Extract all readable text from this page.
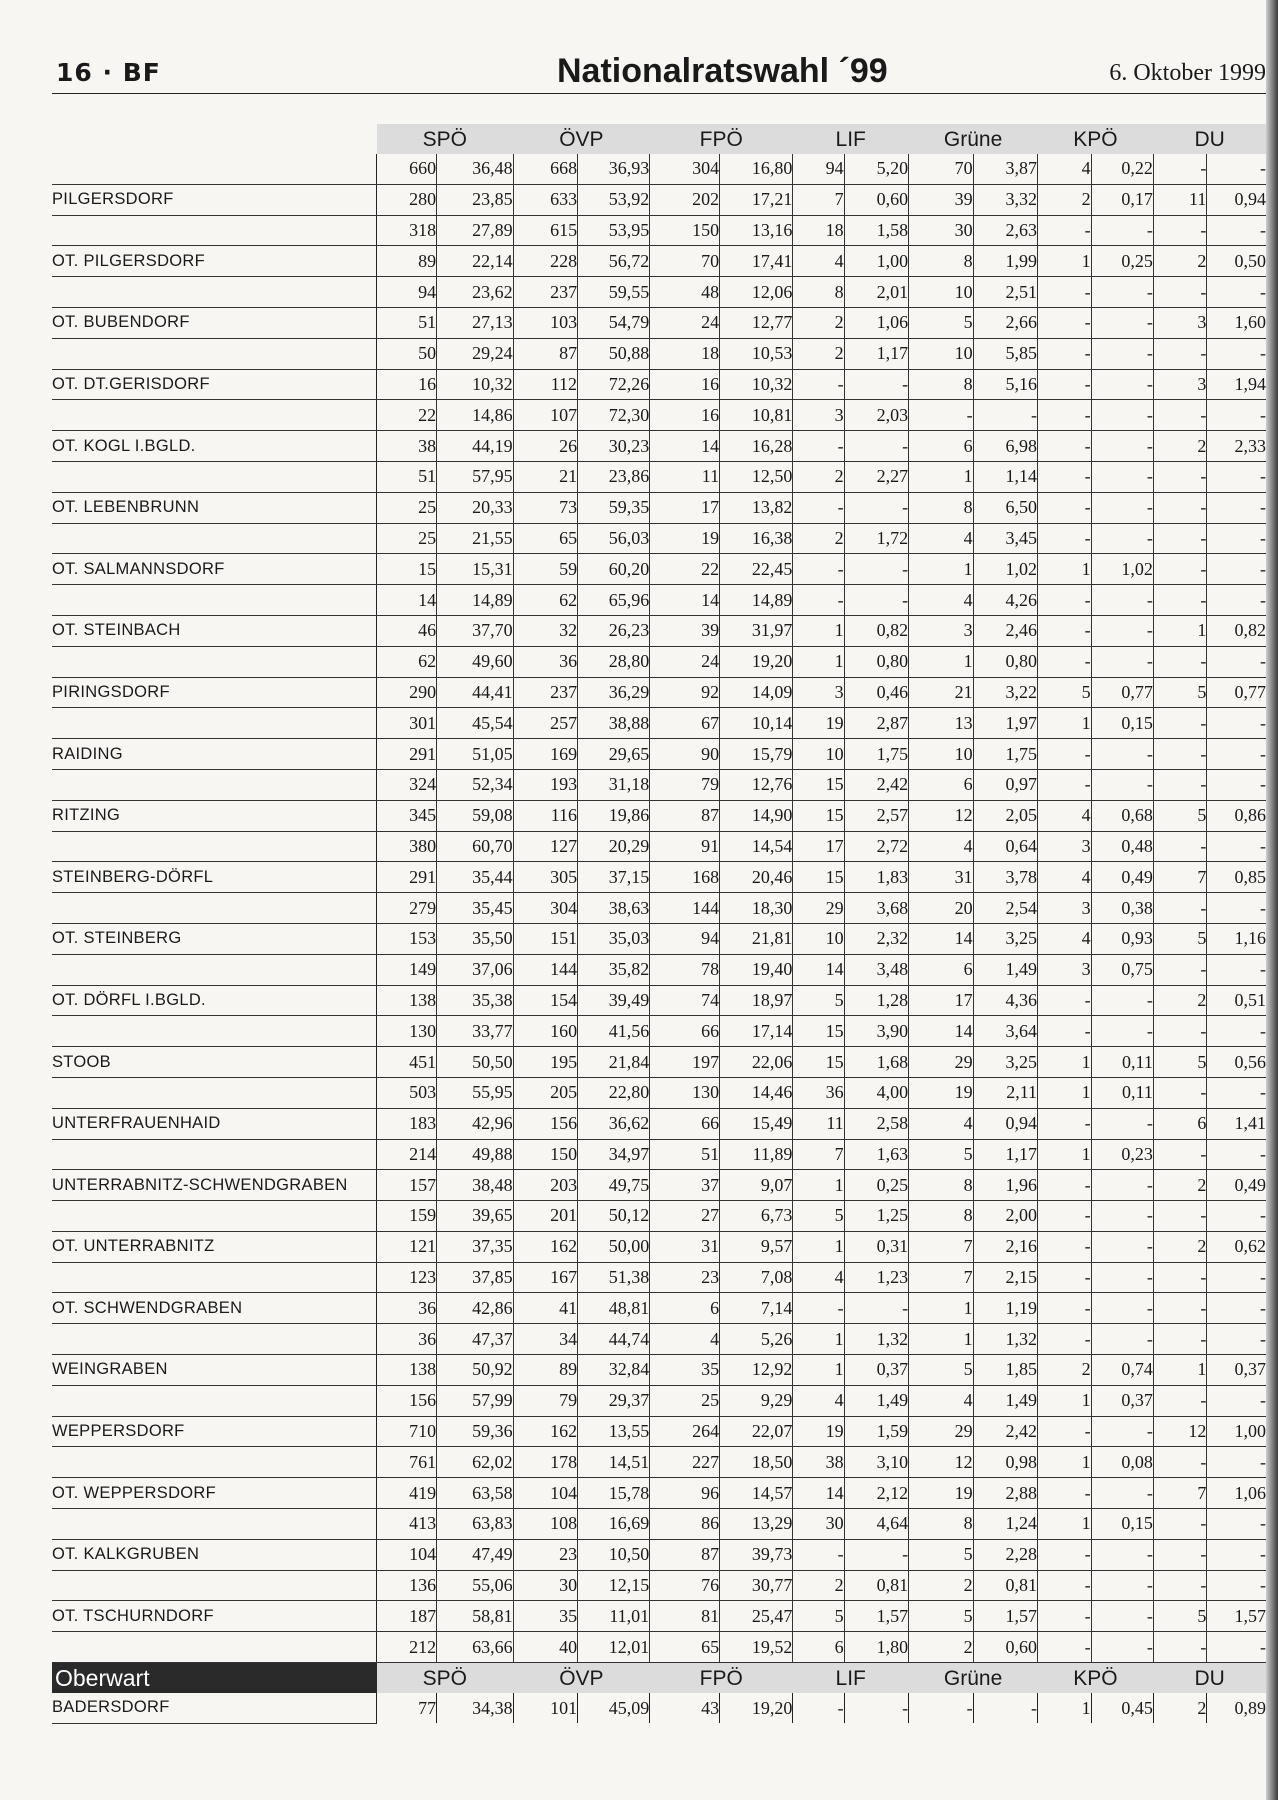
16 · BF	Nationalratswahl ´99	6. Oktober 1999
	SPÖ		ÖVP		FPÖ		LIF		Grüne		KPÖ		DU	
	660	36,48	668	36,93	304	16,80	94	5,20	70	3,87	4	0,22	-	-
PILGERSDORF	280	23,85	633	53,92	202	17,21	7	0,60	39	3,32	2	0,17	11	0,94
	318	27,89	615	53,95	150	13,16	18	1,58	30	2,63	-	-	-	-
OT. PILGERSDORF	89	22,14	228	56,72	70	17,41	4	1,00	8	1,99	1	0,25	2	0,50
	94	23,62	237	59,55	48	12,06	8	2,01	10	2,51	-	-	-	-
OT. BUBENDORF	51	27,13	103	54,79	24	12,77	2	1,06	5	2,66	-	-	3	1,60
	50	29,24	87	50,88	18	10,53	2	1,17	10	5,85	-	-	-	-
OT. DT.GERISDORF	16	10,32	112	72,26	16	10,32	-	-	8	5,16	-	-	3	1,94
	22	14,86	107	72,30	16	10,81	3	2,03	-	-	-	-	-	-
OT. KOGL I.BGLD.	38	44,19	26	30,23	14	16,28	-	-	6	6,98	-	-	2	2,33
	51	57,95	21	23,86	11	12,50	2	2,27	1	1,14	-	-	-	-
OT. LEBENBRUNN	25	20,33	73	59,35	17	13,82	-	-	8	6,50	-	-	-	-
	25	21,55	65	56,03	19	16,38	2	1,72	4	3,45	-	-	-	-
OT. SALMANNSDORF	15	15,31	59	60,20	22	22,45	-	-	1	1,02	1	1,02	-	-
	14	14,89	62	65,96	14	14,89	-	-	4	4,26	-	-	-	-
OT. STEINBACH	46	37,70	32	26,23	39	31,97	1	0,82	3	2,46	-	-	1	0,82
	62	49,60	36	28,80	24	19,20	1	0,80	1	0,80	-	-	-	-
PIRINGSDORF	290	44,41	237	36,29	92	14,09	3	0,46	21	3,22	5	0,77	5	0,77
	301	45,54	257	38,88	67	10,14	19	2,87	13	1,97	1	0,15	-	-
RAIDING	291	51,05	169	29,65	90	15,79	10	1,75	10	1,75	-	-	-	-
	324	52,34	193	31,18	79	12,76	15	2,42	6	0,97	-	-	-	-
RITZING	345	59,08	116	19,86	87	14,90	15	2,57	12	2,05	4	0,68	5	0,86
	380	60,70	127	20,29	91	14,54	17	2,72	4	0,64	3	0,48	-	-
STEINBERG-DÖRFL	291	35,44	305	37,15	168	20,46	15	1,83	31	3,78	4	0,49	7	0,85
	279	35,45	304	38,63	144	18,30	29	3,68	20	2,54	3	0,38	-	-
OT. STEINBERG	153	35,50	151	35,03	94	21,81	10	2,32	14	3,25	4	0,93	5	1,16
	149	37,06	144	35,82	78	19,40	14	3,48	6	1,49	3	0,75	-	-
OT. DÖRFL I.BGLD.	138	35,38	154	39,49	74	18,97	5	1,28	17	4,36	-	-	2	0,51
	130	33,77	160	41,56	66	17,14	15	3,90	14	3,64	-	-	-	-
STOOB	451	50,50	195	21,84	197	22,06	15	1,68	29	3,25	1	0,11	5	0,56
	503	55,95	205	22,80	130	14,46	36	4,00	19	2,11	1	0,11	-	-
UNTERFRAUENHAID	183	42,96	156	36,62	66	15,49	11	2,58	4	0,94	-	-	6	1,41
	214	49,88	150	34,97	51	11,89	7	1,63	5	1,17	1	0,23	-	-
UNTERRABNITZ-SCHWENDGRABEN	157	38,48	203	49,75	37	9,07	1	0,25	8	1,96	-	-	2	0,49
	159	39,65	201	50,12	27	6,73	5	1,25	8	2,00	-	-	-	-
OT. UNTERRABNITZ	121	37,35	162	50,00	31	9,57	1	0,31	7	2,16	-	-	2	0,62
	123	37,85	167	51,38	23	7,08	4	1,23	7	2,15	-	-	-	-
OT. SCHWENDGRABEN	36	42,86	41	48,81	6	7,14	-	-	1	1,19	-	-	-	-
	36	47,37	34	44,74	4	5,26	1	1,32	1	1,32	-	-	-	-
WEINGRABEN	138	50,92	89	32,84	35	12,92	1	0,37	5	1,85	2	0,74	1	0,37
	156	57,99	79	29,37	25	9,29	4	1,49	4	1,49	1	0,37	-	-
WEPPERSDORF	710	59,36	162	13,55	264	22,07	19	1,59	29	2,42	-	-	12	1,00
	761	62,02	178	14,51	227	18,50	38	3,10	12	0,98	1	0,08	-	-
OT. WEPPERSDORF	419	63,58	104	15,78	96	14,57	14	2,12	19	2,88	-	-	7	1,06
	413	63,83	108	16,69	86	13,29	30	4,64	8	1,24	1	0,15	-	-
OT. KALKGRUBEN	104	47,49	23	10,50	87	39,73	-	-	5	2,28	-	-	-	-
	136	55,06	30	12,15	76	30,77	2	0,81	2	0,81	-	-	-	-
OT. TSCHURNDORF	187	58,81	35	11,01	81	25,47	5	1,57	5	1,57	-	-	5	1,57
	212	63,66	40	12,01	65	19,52	6	1,80	2	0,60	-	-	-	-
Oberwart	SPÖ		ÖVP		FPÖ		LIF		Grüne		KPÖ		DU	
BADERSDORF	77	34,38	101	45,09	43	19,20	-	-	-	-	1	0,45	2	0,89
